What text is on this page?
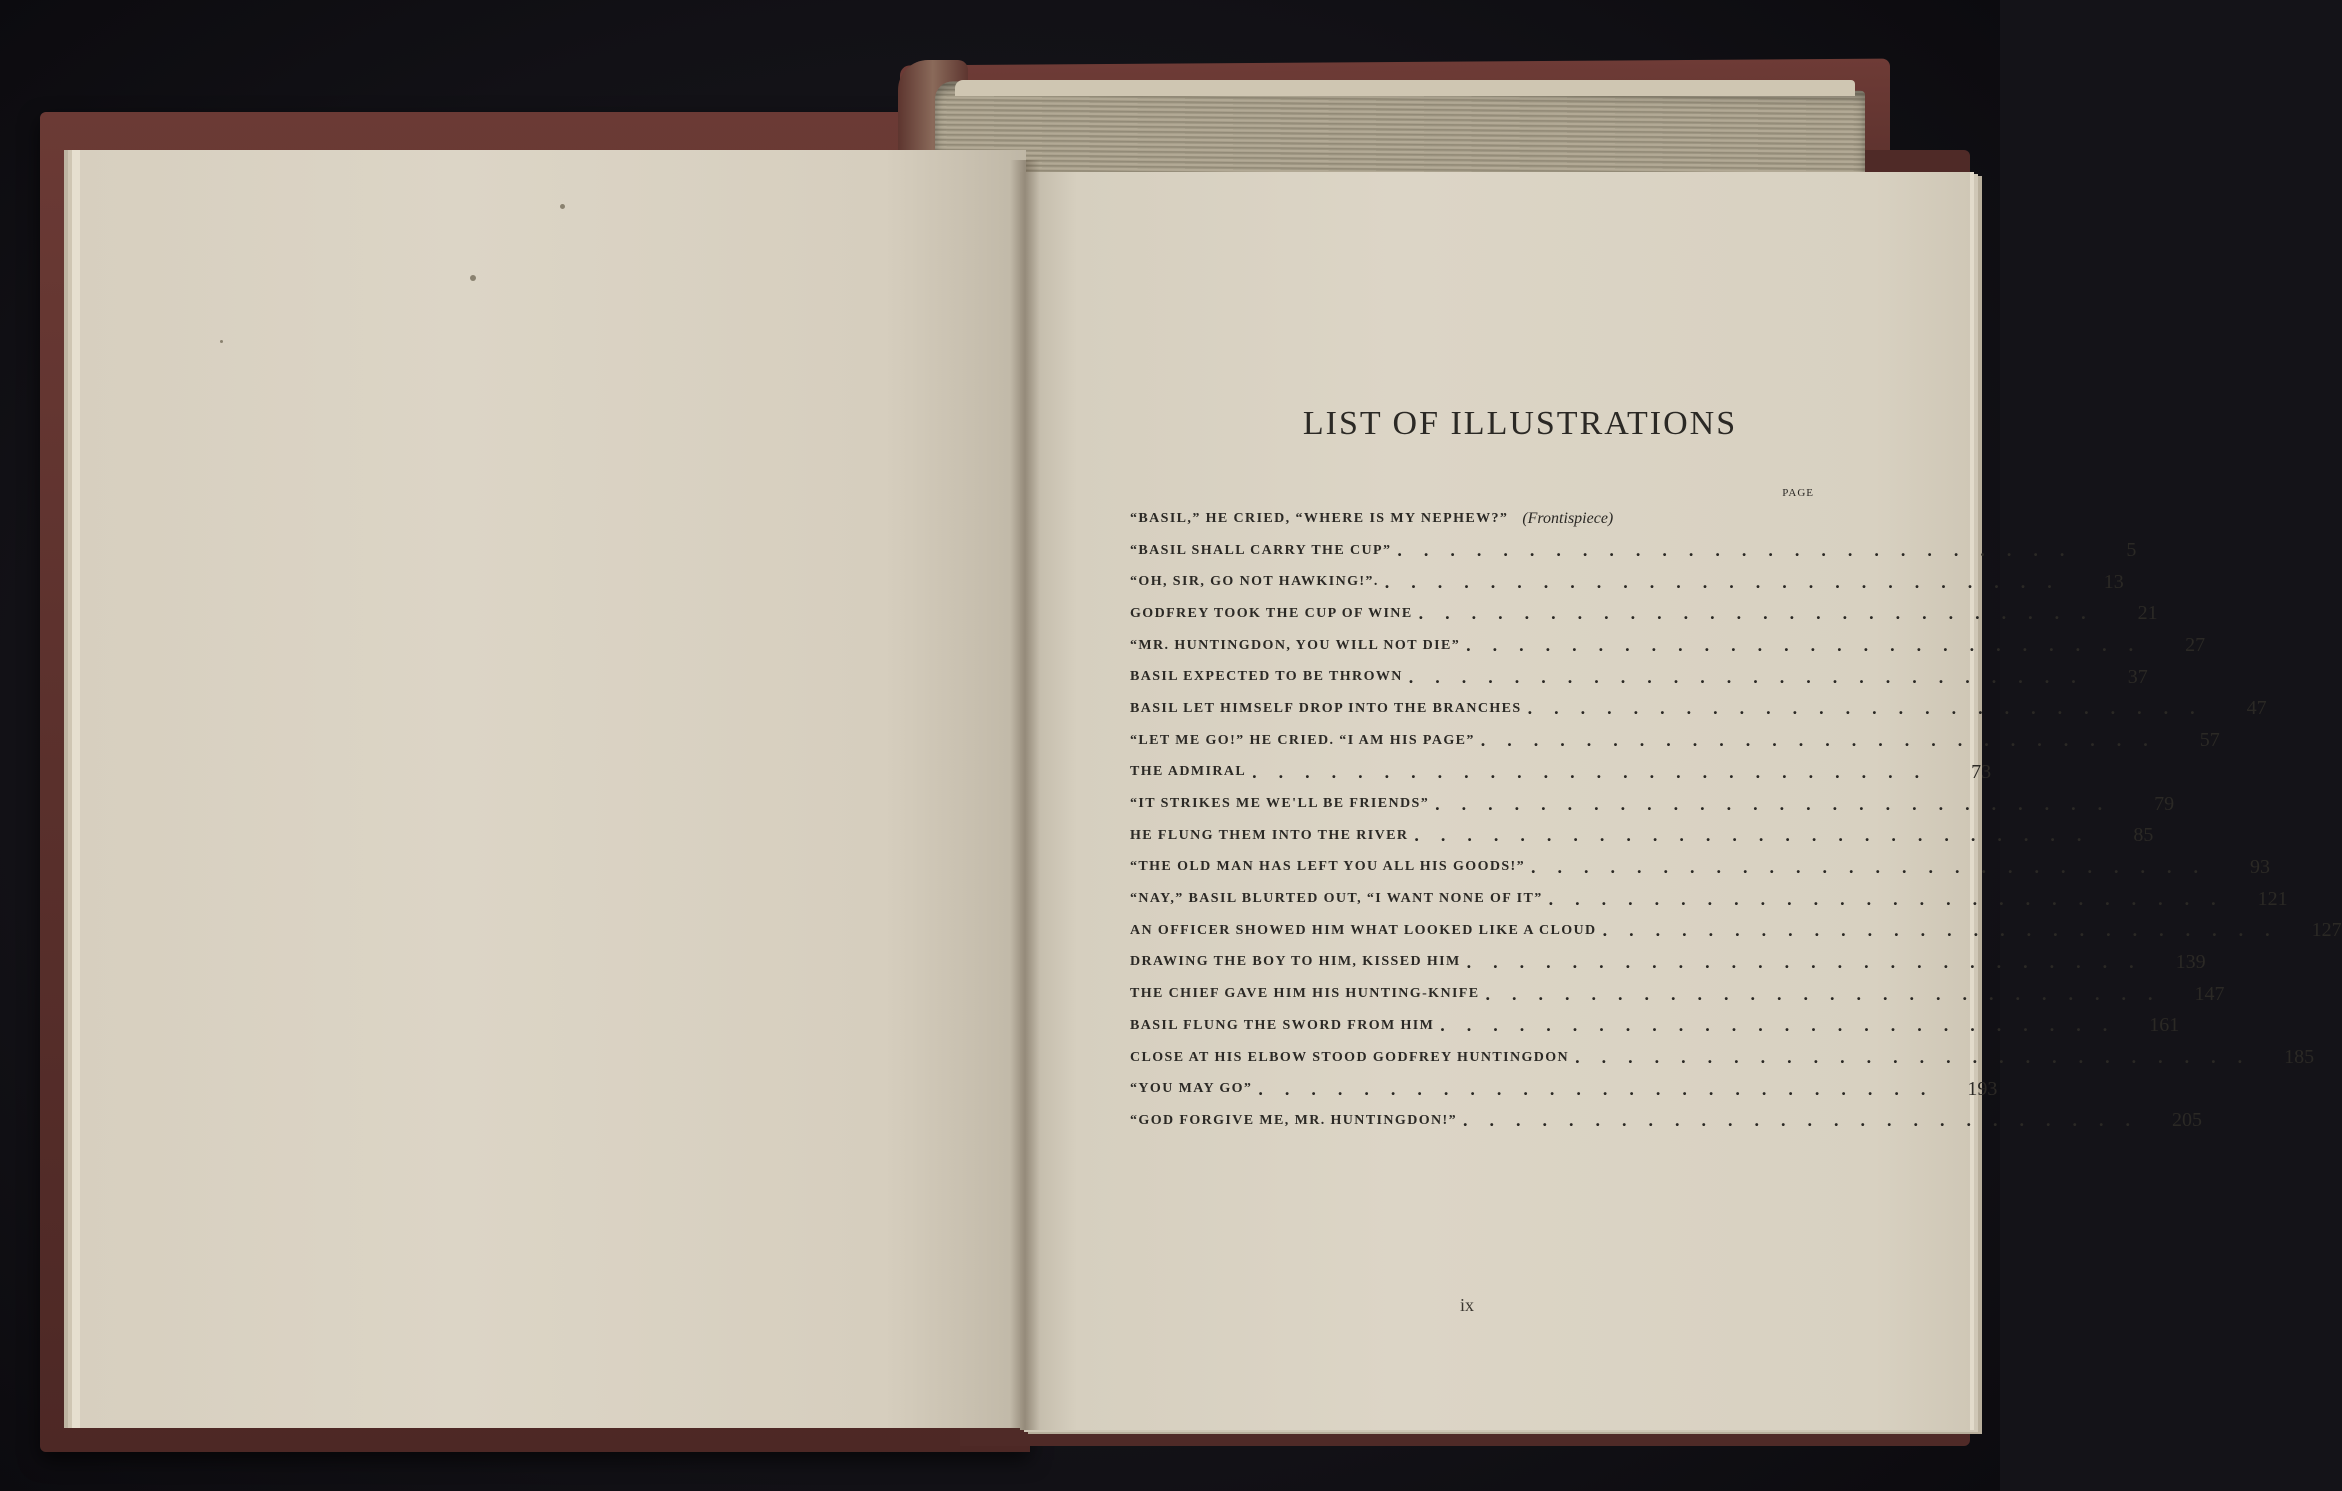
LIST OF ILLUSTRATIONS
PAGE
“BASIL,” HE CRIED, “WHERE IS MY NEPHEW?” (Frontispiece)
“BASIL SHALL CARRY THE CUP” ..........................	5
“OH, SIR, GO NOT HAWKING!”. ..........................	13
GODFREY TOOK THE CUP OF WINE ..........................	21
“MR. HUNTINGDON, YOU WILL NOT DIE” ..........................	27
BASIL EXPECTED TO BE THROWN ..........................	37
BASIL LET HIMSELF DROP INTO THE BRANCHES ..........................	47
“LET ME GO!” HE CRIED. “I AM HIS PAGE” ..........................	57
THE ADMIRAL ..........................	73
“IT STRIKES ME WE'LL BE FRIENDS” ..........................	79
HE FLUNG THEM INTO THE RIVER ..........................	85
“THE OLD MAN HAS LEFT YOU ALL HIS GOODS!” ..........................	93
“NAY,” BASIL BLURTED OUT, “I WANT NONE OF IT” ..........................	121
AN OFFICER SHOWED HIM WHAT LOOKED LIKE A CLOUD ..........................	127
DRAWING THE BOY TO HIM, KISSED HIM ..........................	139
THE CHIEF GAVE HIM HIS HUNTING-KNIFE ..........................	147
BASIL FLUNG THE SWORD FROM HIM ..........................	161
CLOSE AT HIS ELBOW STOOD GODFREY HUNTINGDON ..........................	185
“YOU MAY GO” ..........................	193
“GOD FORGIVE ME, MR. HUNTINGDON!” ..........................	205
ix
